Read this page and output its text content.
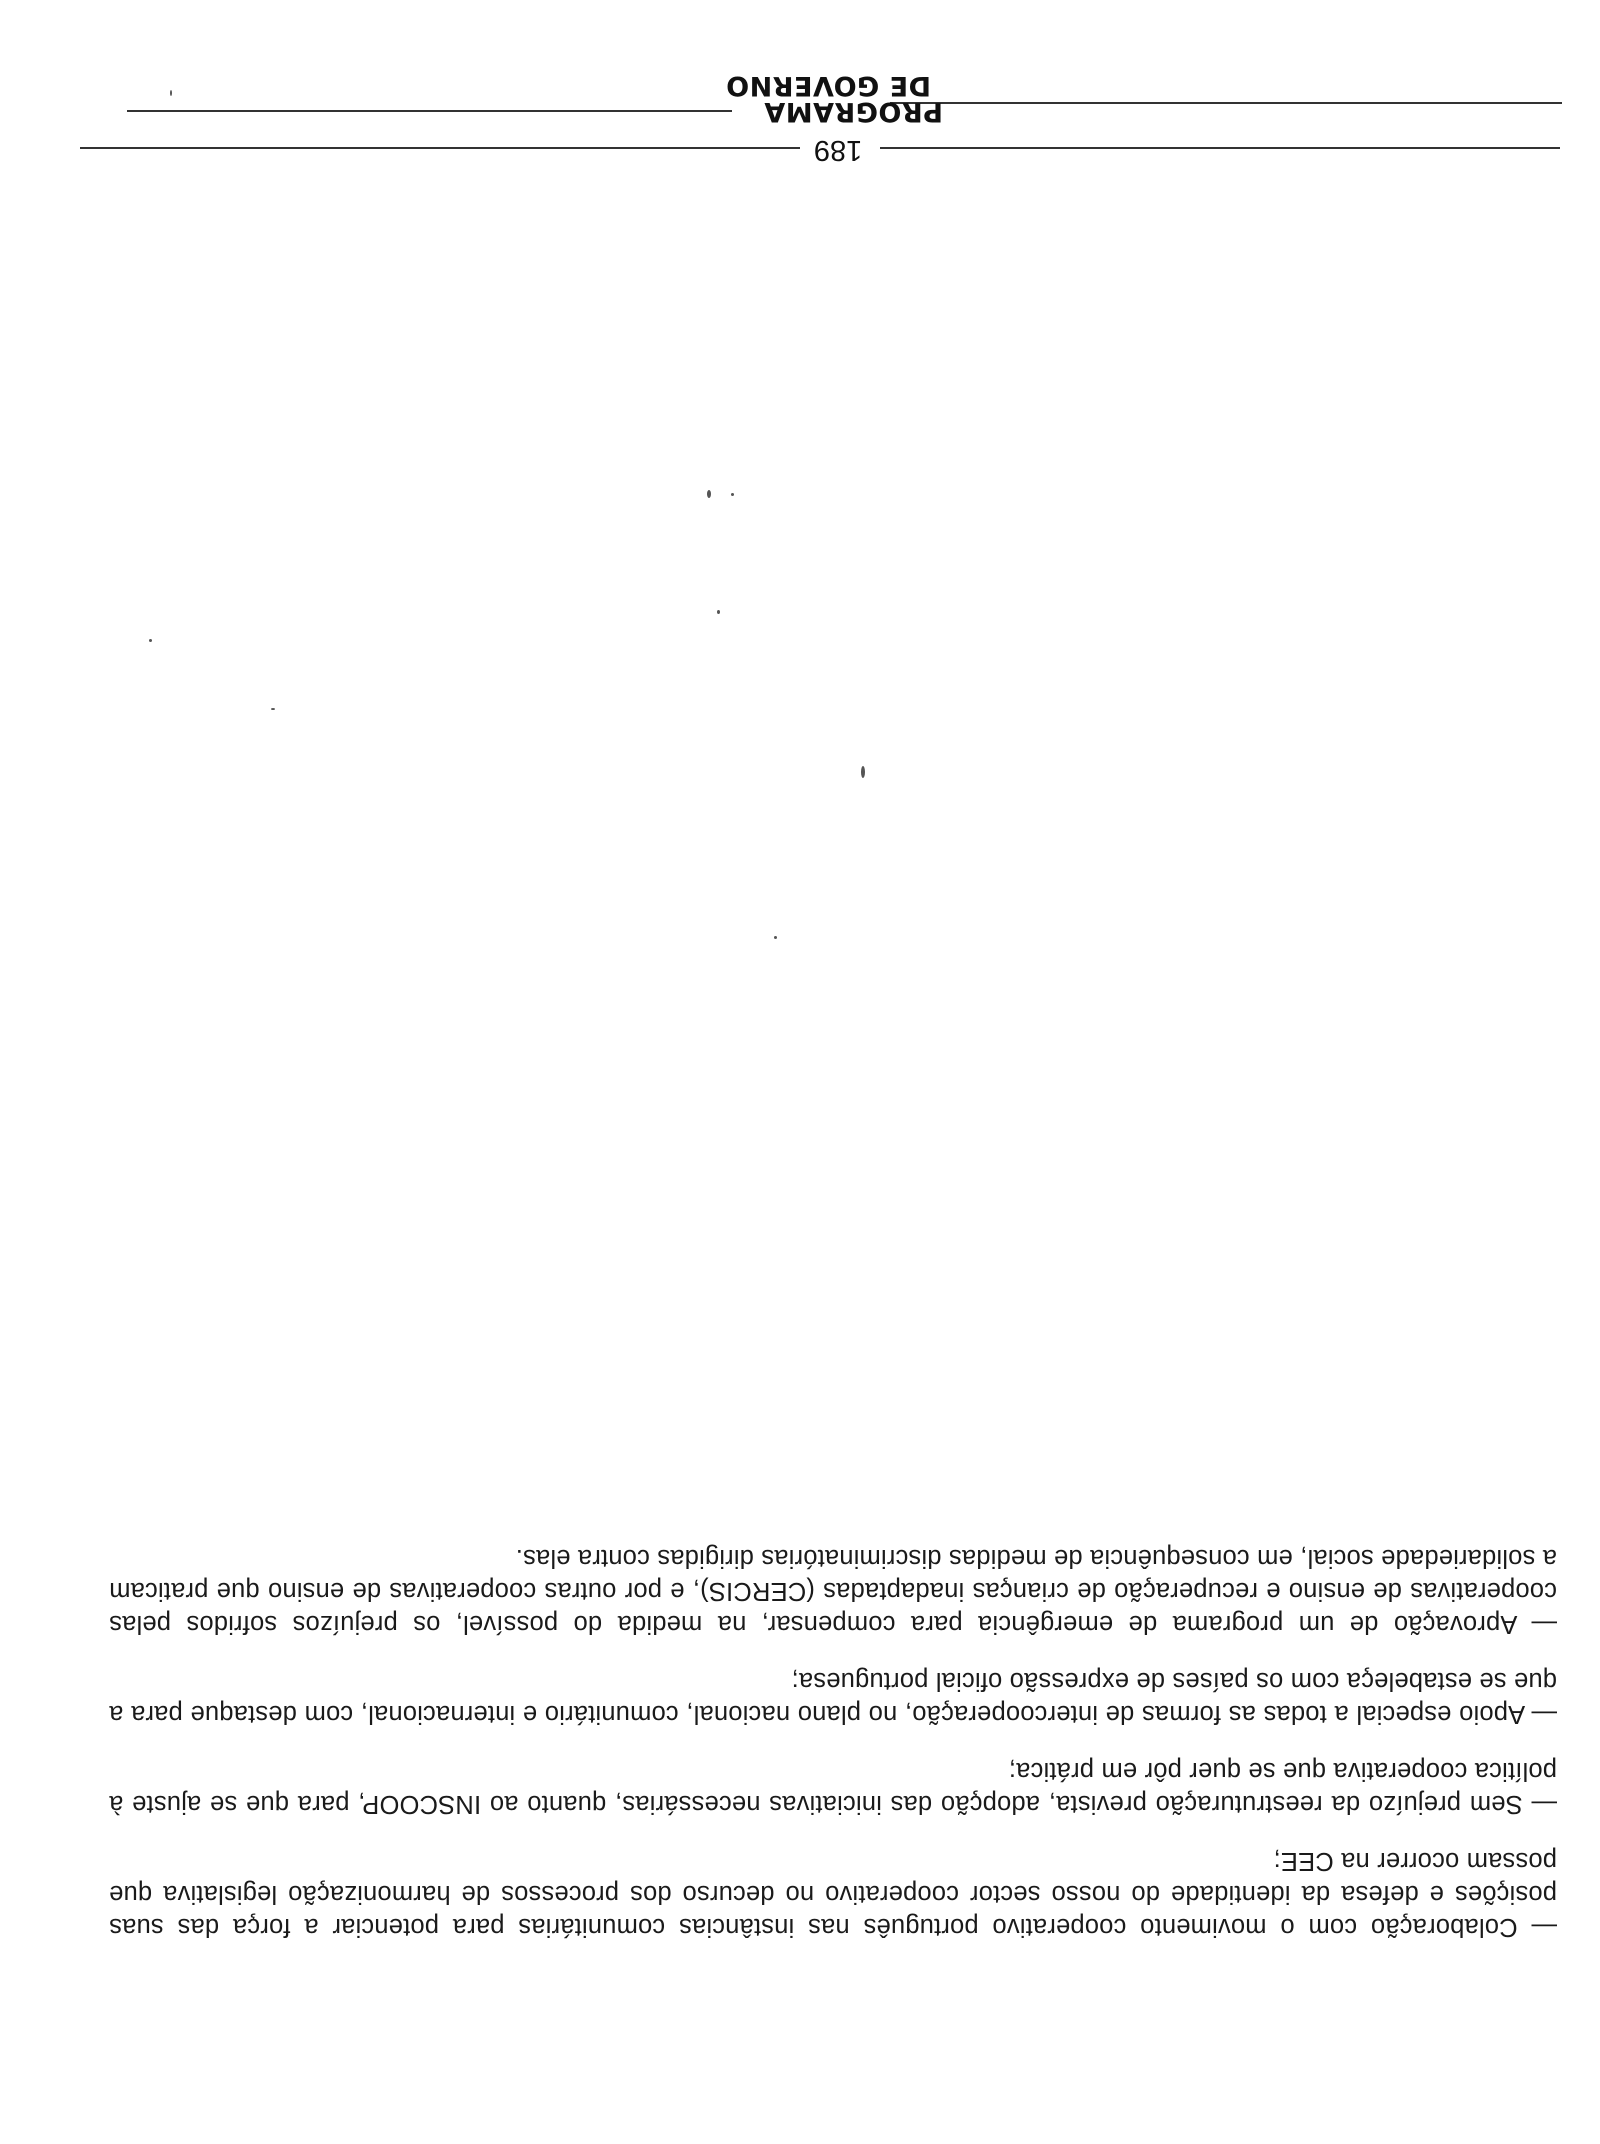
PROGRAMA
DE GOVERNO

— Colaboração com o movimento cooperativo português nas instâncias comunitárias para potenciar a força das suas posições e defesa da identidade do nosso sector cooperativo no decurso dos processos de harmonização legislativa que possam ocorrer na CEE;

— Sem prejuízo da reestruturação prevista, adopção das iniciativas necessárias, quanto ao INSCOOP, para que se ajuste à política cooperativa que se quer pôr em prática;

— Apoio especial a todas as formas de intercooperação, no plano nacional, comunitário e internacional, com destaque para a que se estabeleça com os países de expressão oficial portuguesa;

— Aprovação de um programa de emergência para compensar, na medida do possível, os prejuízos sofridos pelas cooperativas de ensino e recuperação de crianças inadaptadas (CERCIS), e por outras cooperativas de ensino que praticam a solidariedade social, em consequência de medidas discriminatórias dirigidas contra elas.

189
